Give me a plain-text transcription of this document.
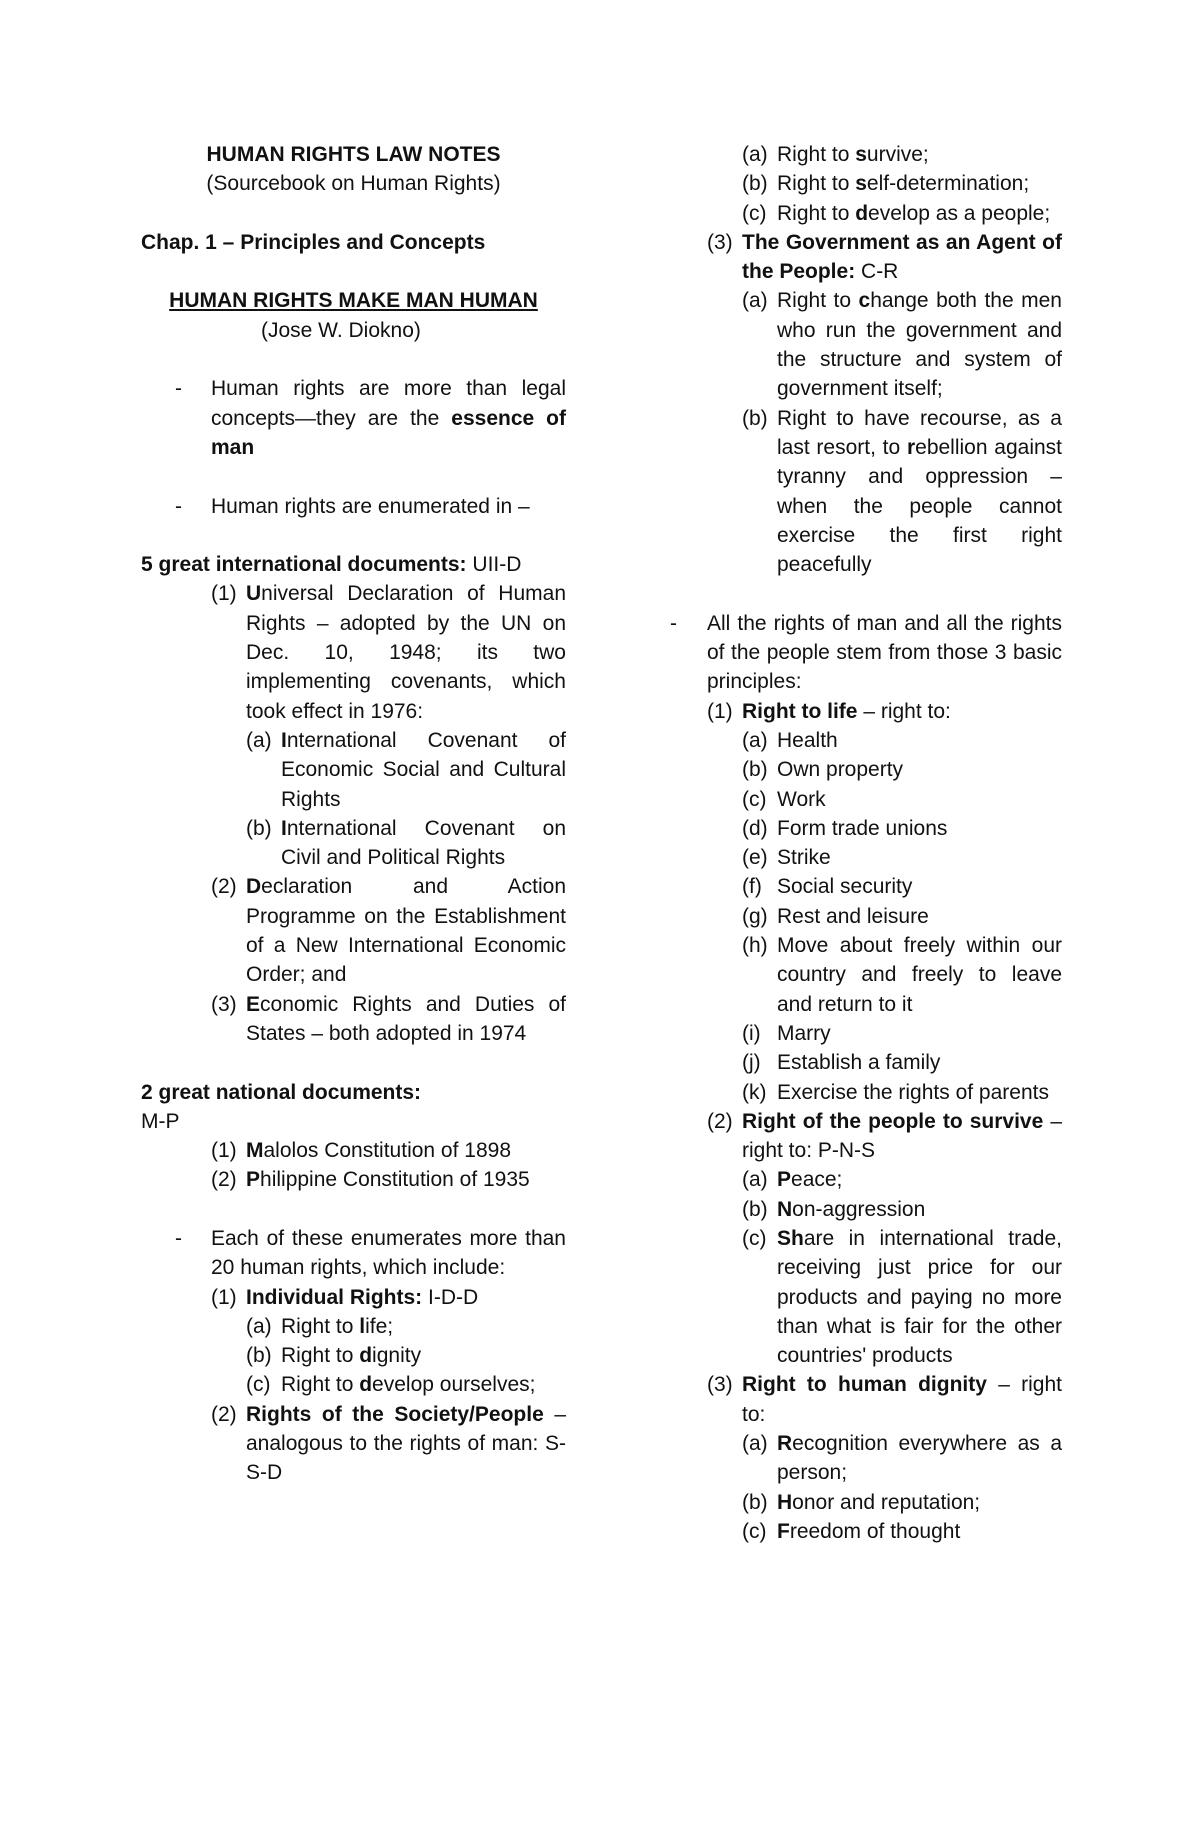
HUMAN RIGHTS LAW NOTES

(Sourcebook on Human Rights)

Chap. 1 – Principles and Concepts

HUMAN RIGHTS MAKE MAN HUMAN

(Jose W. Diokno)

-	Human rights are more than legal concepts—they are the essence of man
-	Human rights are enumerated in –

5 great international documents: UII-D

(1) Universal Declaration of Human Rights – adopted by the UN on Dec. 10, 1948; its two implementing covenants, which took effect in 1976:
(a) International Covenant of Economic Social and Cultural Rights
(b) International Covenant on Civil and Political Rights
(2) Declaration and Action Programme on the Establishment of a New International Economic Order; and
(3) Economic Rights and Duties of States – both adopted in 1974

2 great national documents:

M-P

(1) Malolos Constitution of 1898
(2) Philippine Constitution of 1935
-	Each of these enumerates more than 20 human rights, which include:
(1) Individual Rights: I-D-D
(a) Right to life;
(b) Right to dignity
(c) Right to develop ourselves;
(2) Rights of the Society/People – analogous to the rights of man: S-S-D
(a) Right to survive;
(b) Right to self-determination;
(c) Right to develop as a people;
(3) The Government as an Agent of the People: C-R
(a) Right to change both the men who run the government and the structure and system of government itself;
(b) Right to have recourse, as a last resort, to rebellion against tyranny and oppression – when the people cannot exercise the first right peacefully
-	All the rights of man and all the rights of the people stem from those 3 basic principles:
(1) Right to life – right to:
(a) Health
(b) Own property
(c) Work
(d) Form trade unions
(e) Strike
(f) Social security
(g) Rest and leisure
(h) Move about freely within our country and freely to leave and return to it
(i) Marry
(j) Establish a family
(k) Exercise the rights of parents
(2) Right of the people to survive – right to: P-N-S
(a) Peace;
(b) Non-aggression
(c) Share in international trade, receiving just price for our products and paying no more than what is fair for the other countries' products
(3) Right to human dignity – right to:
(a) Recognition everywhere as a person;
(b) Honor and reputation;
(c) Freedom of thought
